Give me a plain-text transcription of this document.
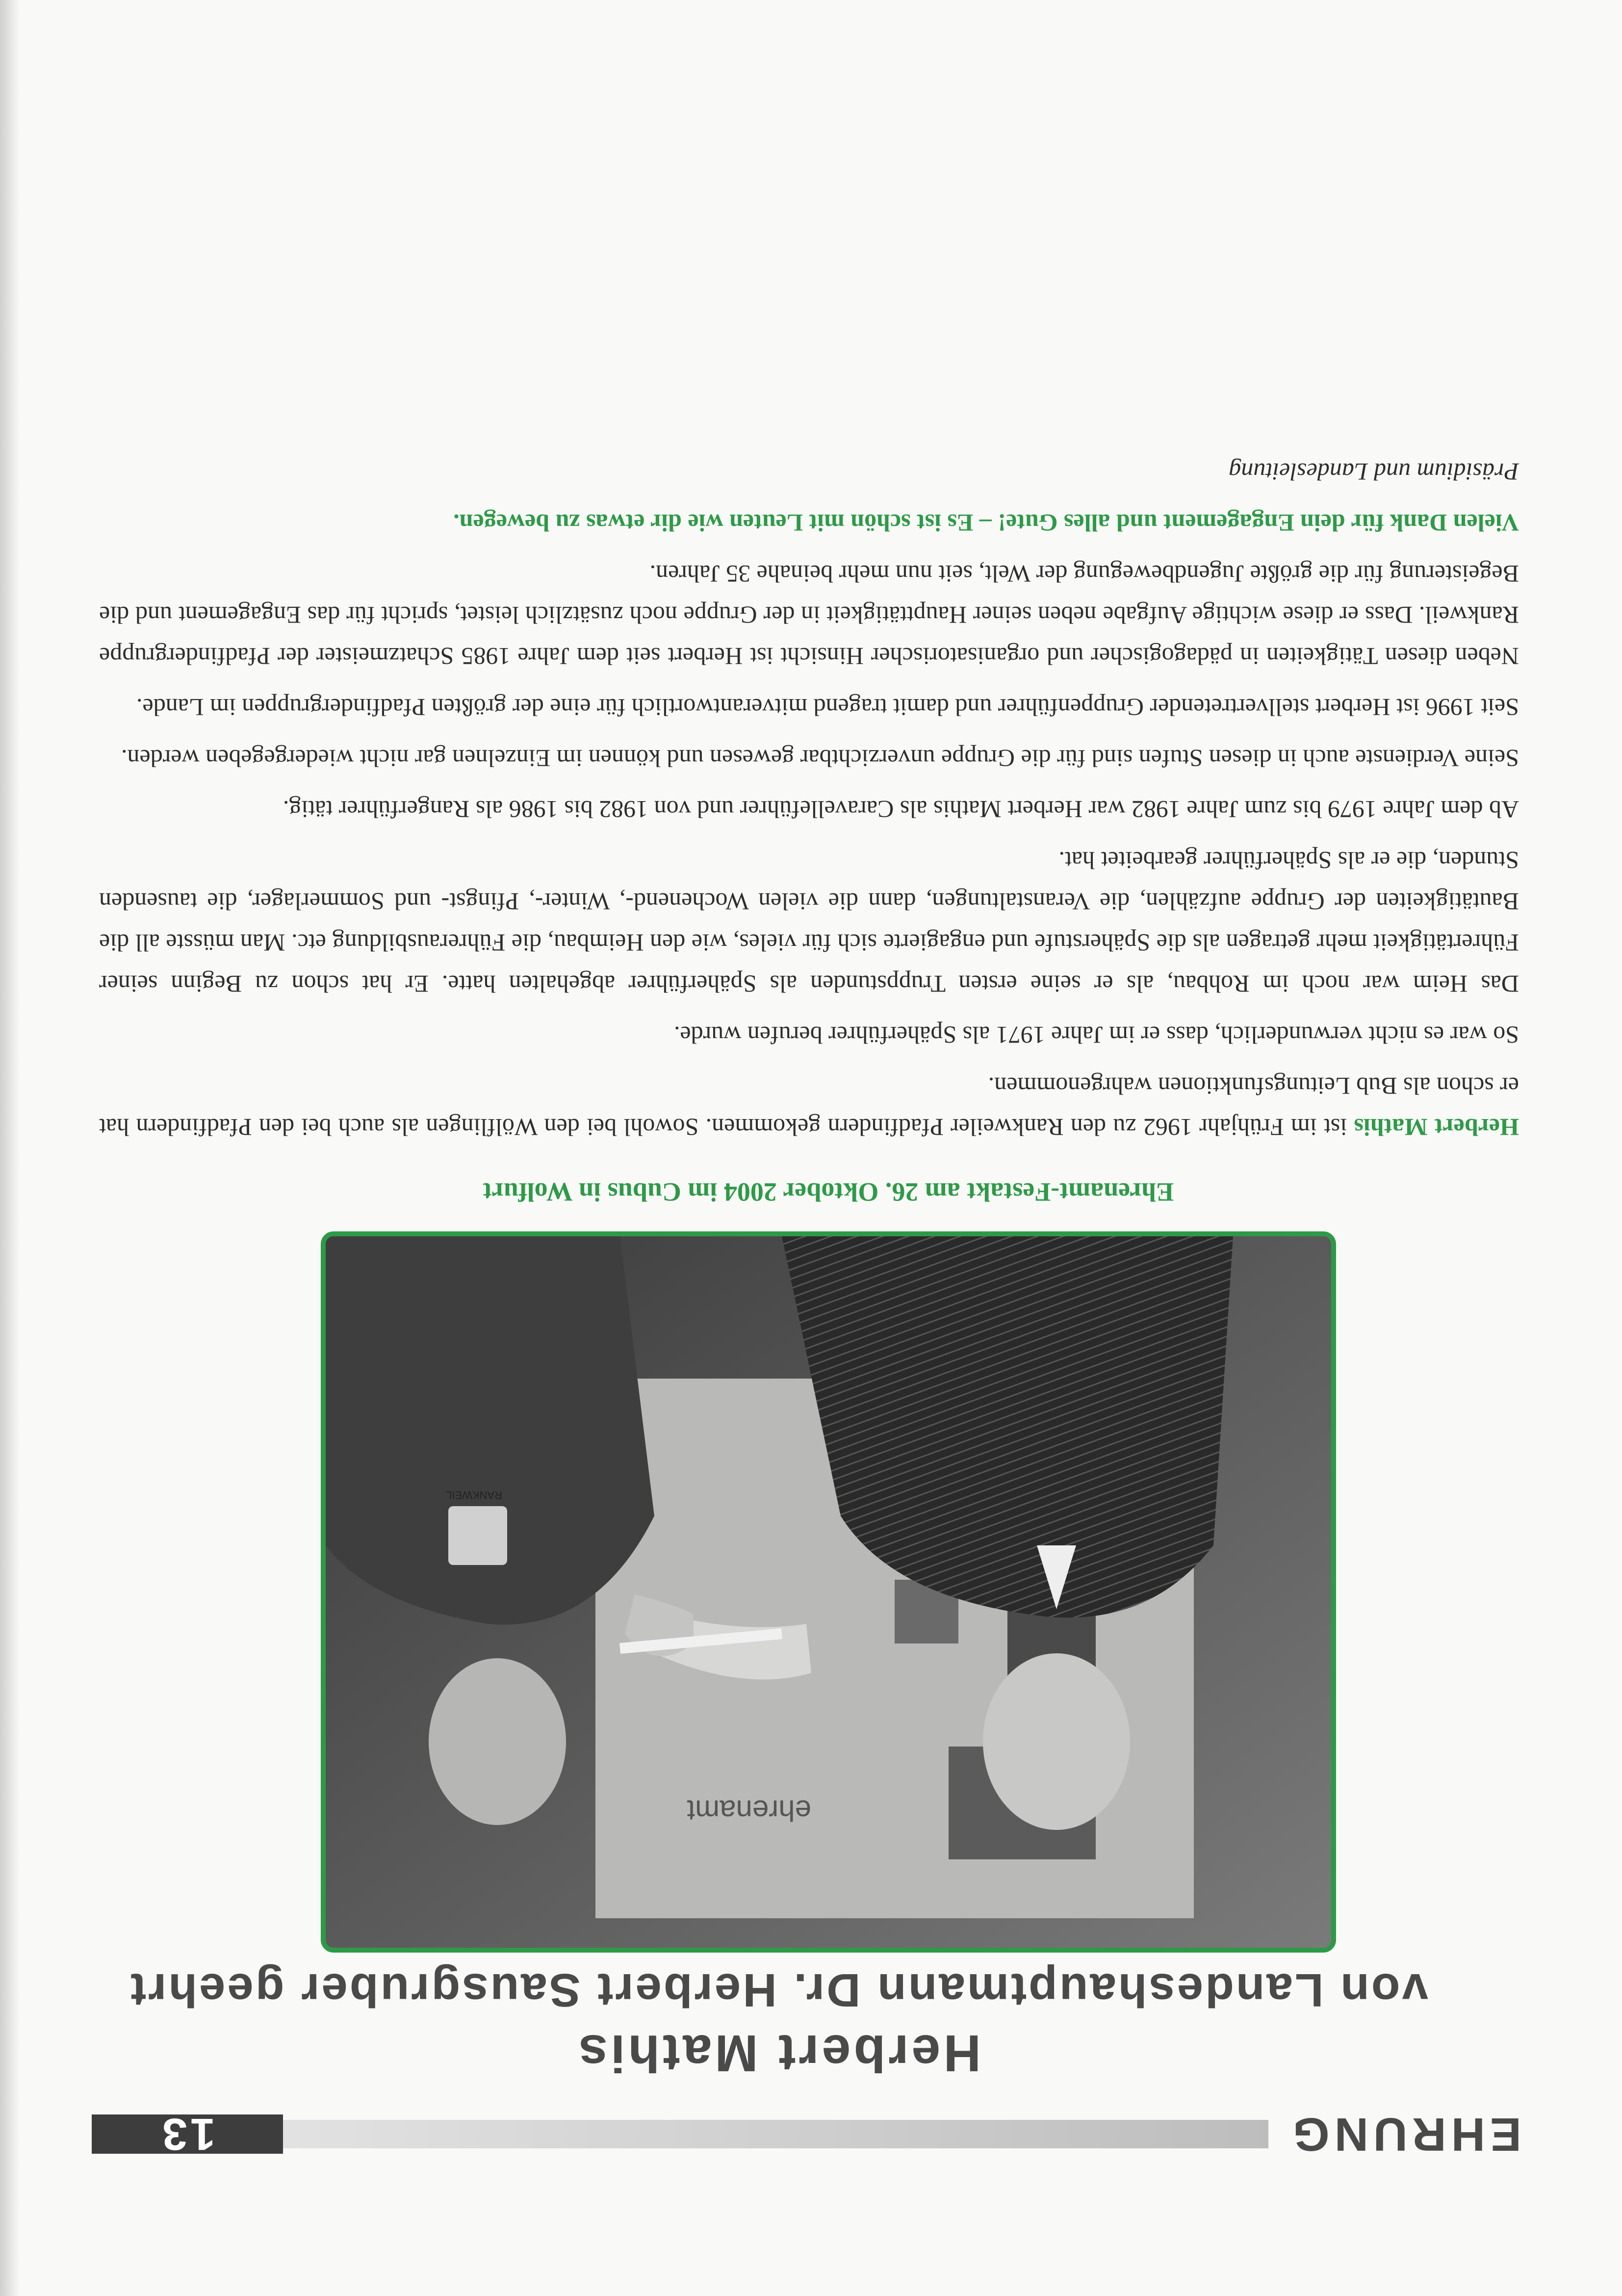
EHRUNG
13
Herbert Mathis
von Landeshauptmann Dr. Herbert Sausgruber geehrt
ehrenamt
RANKWEIL
Ehrenamt-Festakt am 26. Oktober 2004 im Cubus in Wolfurt

Herbert Mathis ist im Frühjahr 1962 zu den Rankweiler Pfadfindern gekommen. Sowohl bei den Wölflingen als auch bei den Pfadfindern hat er schon als Bub Leitungsfunktionen wahrgenommen.

So war es nicht verwunderlich, dass er im Jahre 1971 als Späherführer berufen wurde.

Das Heim war noch im Rohbau, als er seine ersten Truppstunden als Späherführer abgehalten hatte. Er hat schon zu Beginn seiner Führertätigkeit mehr getragen als die Späherstufe und engagierte sich für vieles, wie den Heimbau, die Führerausbildung etc. Man müsste all die Bautätigkeiten der Gruppe aufzählen, die Veranstaltungen, dann die vielen Wochenend-, Winter-, Pfingst- und Sommerlager, die tausenden Stunden, die er als Späherführer gearbeitet hat.

Ab dem Jahre 1979 bis zum Jahre 1982 war Herbert Mathis als Caravelleführer und von 1982 bis 1986 als Rangerführer tätig.

Seine Verdienste auch in diesen Stufen sind für die Gruppe unverzichtbar gewesen und können im Einzelnen gar nicht wiedergegeben werden.

Seit 1996 ist Herbert stellvertretender Gruppenführer und damit tragend mitverantwortlich für eine der größten Pfadfindergruppen im Lande.

Neben diesen Tätigkeiten in pädagogischer und organisatorischer Hinsicht ist Herbert seit dem Jahre 1985 Schatzmeister der Pfadfindergruppe Rankweil. Dass er diese wichtige Aufgabe neben seiner Haupttätigkeit in der Gruppe noch zusätzlich leistet, spricht für das Engagement und die Begeisterung für die größte Jugendbewegung der Welt, seit nun mehr beinahe 35 Jahren.

Vielen Dank für dein Engagement und alles Gute! – Es ist schön mit Leuten wie dir etwas zu bewegen.

Präsidium und Landesleitung
